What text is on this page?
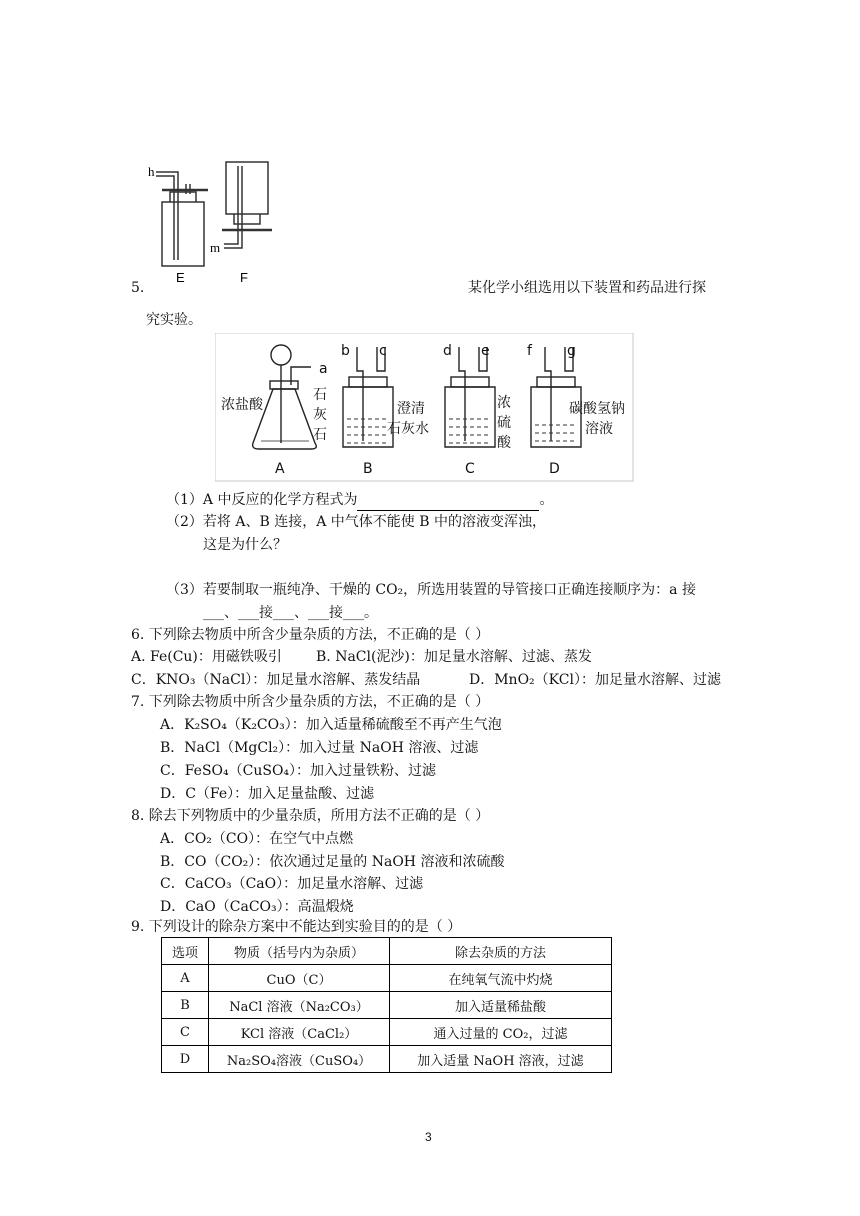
h
m
E	F
5.	某化学小组选用以下装置和药品进行探
究实验。
a
浓盐酸
石
灰
石
A
b c
澄清
石灰水
B
d e
浓
硫
酸
C
f	g
碳酸氢钠
溶液
D
（1）A 中反应的化学方程式为	。
（2）若将 A、B 连接，A 中气体不能使 B 中的溶液变浑浊，
这是为什么？
（3）若要制取一瓶纯净、干燥的 CO₂，所选用装置的导管接口正确连接顺序为：a 接
___、___接___、___接___。
6. 下列除去物质中所含少量杂质的方法，不正确的是（ ）
A. Fe(Cu)：用磁铁吸引 B. NaCl(泥沙)：加足量水溶解、过滤、蒸发
C．KNO₃（NaCl）：加足量水溶解、蒸发结晶	D．MnO₂（KCl）：加足量水溶解、过滤
7. 下列除去物质中所含少量杂质的方法，不正确的是（ ）
A．K₂SO₄（K₂CO₃）：加入适量稀硫酸至不再产生气泡
B．NaCl（MgCl₂）：加入过量 NaOH 溶液、过滤
C．FeSO₄（CuSO₄）：加入过量铁粉、过滤
D．C（Fe）：加入足量盐酸、过滤
8. 除去下列物质中的少量杂质，所用方法不正确的是（ ）
A．CO₂（CO）：在空气中点燃
B．CO（CO₂）：依次通过足量的 NaOH 溶液和浓硫酸
C．CaCO₃（CaO）：加足量水溶解、过滤
D．CaO（CaCO₃）：高温煅烧
9. 下列设计的除杂方案中不能达到实验目的的是（ ）
选项	物质（括号内为杂质）	除去杂质的方法
A	CuO（C）	在纯氧气流中灼烧
B	NaCl 溶液（Na₂CO₃）	加入适量稀盐酸
C	KCl 溶液（CaCl₂）	通入过量的 CO₂，过滤
D	Na₂SO₄溶液（CuSO₄）	加入适量 NaOH 溶液，过滤
3
